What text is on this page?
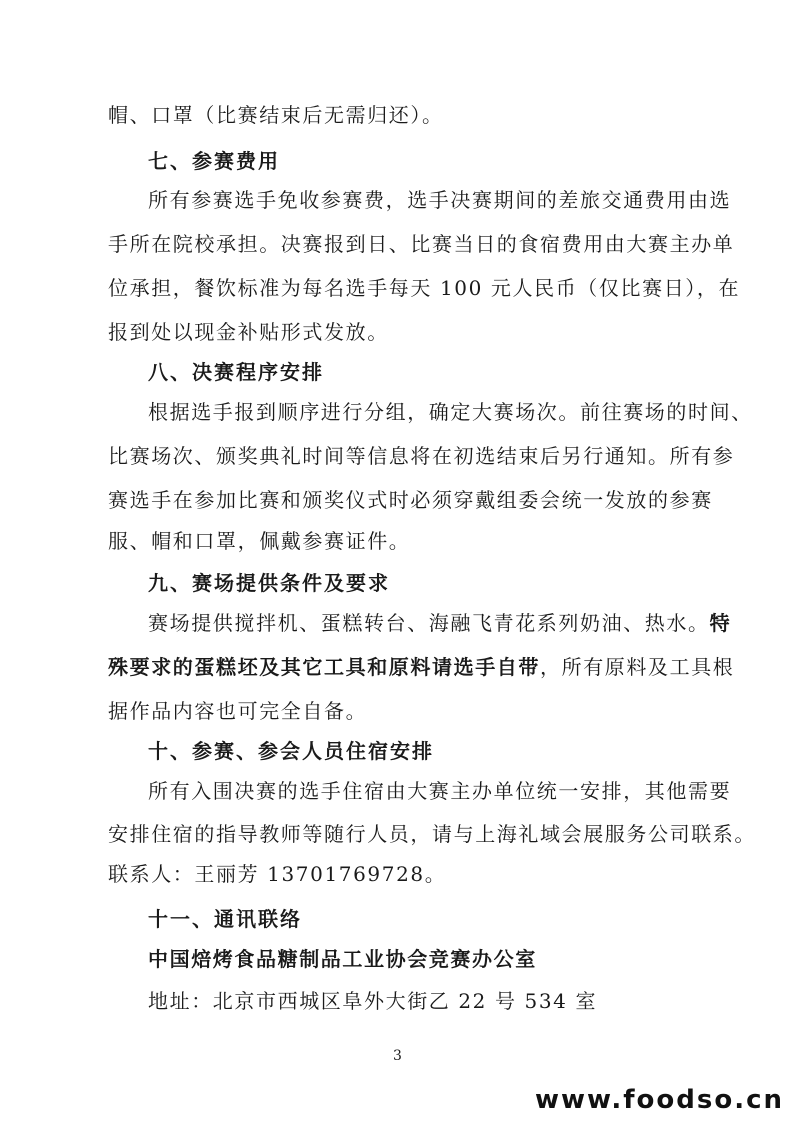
帽、口罩（比赛结束后无需归还）。
七、参赛费用
所有参赛选手免收参赛费，选手决赛期间的差旅交通费用由选
手所在院校承担。决赛报到日、比赛当日的食宿费用由大赛主办单
位承担，餐饮标准为每名选手每天 100 元人民币（仅比赛日），在
报到处以现金补贴形式发放。
八、决赛程序安排
根据选手报到顺序进行分组，确定大赛场次。前往赛场的时间、
比赛场次、颁奖典礼时间等信息将在初选结束后另行通知。所有参
赛选手在参加比赛和颁奖仪式时必须穿戴组委会统一发放的参赛
服、帽和口罩，佩戴参赛证件。
九、赛场提供条件及要求
赛场提供搅拌机、蛋糕转台、海融飞青花系列奶油、热水。特
殊要求的蛋糕坯及其它工具和原料请选手自带，所有原料及工具根
据作品内容也可完全自备。
十、参赛、参会人员住宿安排
所有入围决赛的选手住宿由大赛主办单位统一安排，其他需要
安排住宿的指导教师等随行人员，请与上海礼域会展服务公司联系。
联系人：王丽芳 13701769728。
十一、通讯联络
中国焙烤食品糖制品工业协会竞赛办公室
地址：北京市西城区阜外大街乙 22 号 534 室
3
www.foodso.cn
